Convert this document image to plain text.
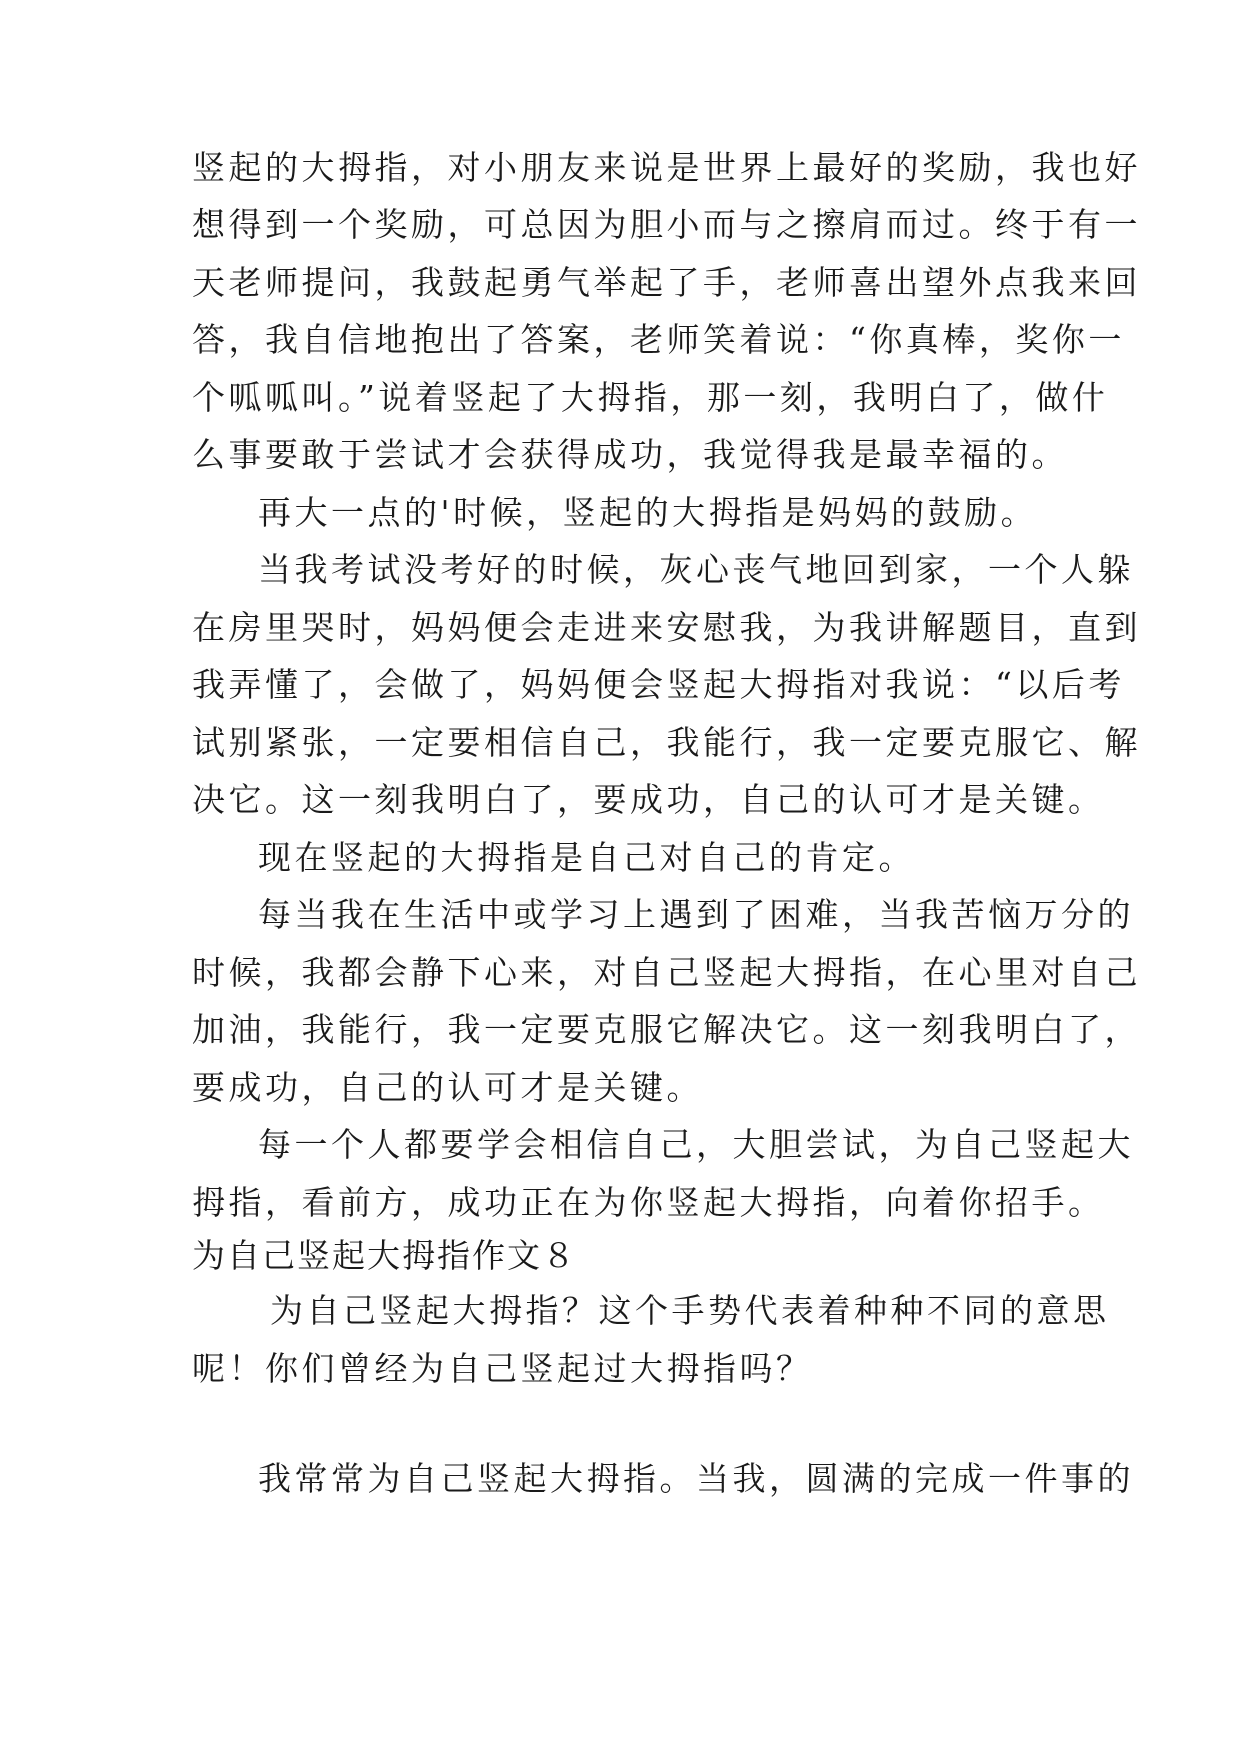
竖起的大拇指，对小朋友来说是世界上最好的奖励，我也好
想得到一个奖励，可总因为胆小而与之擦肩而过。终于有一
天老师提问，我鼓起勇气举起了手，老师喜出望外点我来回
答，我自信地抱出了答案，老师笑着说：“你真棒，奖你一
个呱呱叫。”说着竖起了大拇指，那一刻，我明白了，做什
么事要敢于尝试才会获得成功，我觉得我是最幸福的。
再大一点的'时候，竖起的大拇指是妈妈的鼓励。
当我考试没考好的时候，灰心丧气地回到家，一个人躲
在房里哭时，妈妈便会走进来安慰我，为我讲解题目，直到
我弄懂了，会做了，妈妈便会竖起大拇指对我说：“以后考
试别紧张，一定要相信自己，我能行，我一定要克服它、解
决它。这一刻我明白了，要成功，自己的认可才是关键。
现在竖起的大拇指是自己对自己的肯定。
每当我在生活中或学习上遇到了困难，当我苦恼万分的
时候，我都会静下心来，对自己竖起大拇指，在心里对自己
加油，我能行，我一定要克服它解决它。这一刻我明白了，
要成功，自己的认可才是关键。
每一个人都要学会相信自己，大胆尝试，为自己竖起大
拇指，看前方，成功正在为你竖起大拇指，向着你招手。
为自己竖起大拇指作文８
为自己竖起大拇指？这个手势代表着种种不同的意思
呢！你们曾经为自己竖起过大拇指吗？
我常常为自己竖起大拇指。当我，圆满的完成一件事的
